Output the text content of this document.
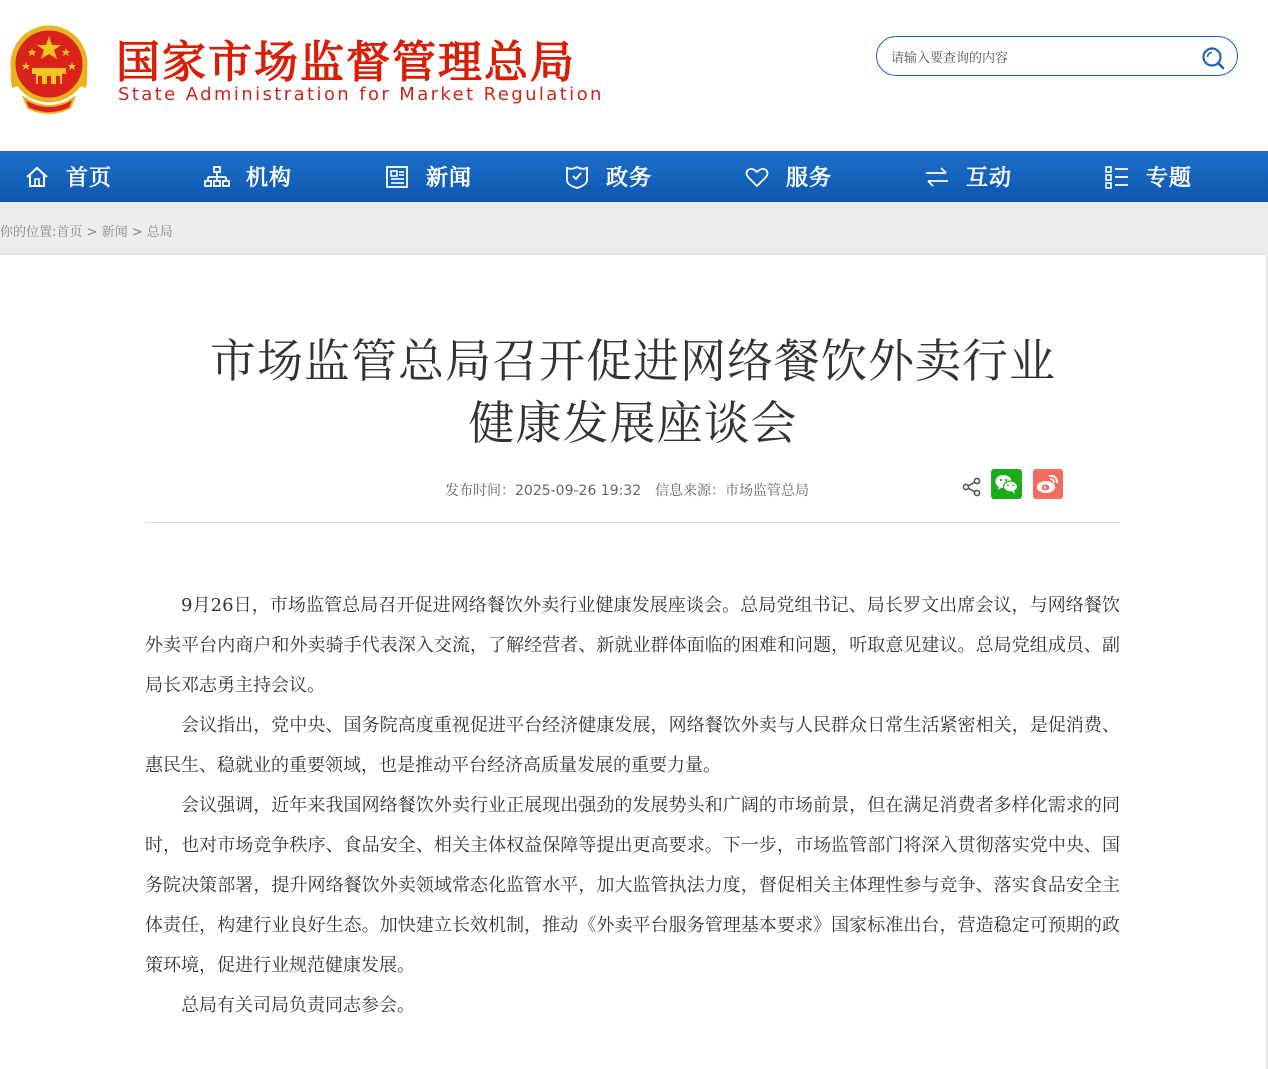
国家市场监督管理总局
State Administration for Market Regulation
请输入要查询的内容
首页	机构	新闻	政务	服务	互动	专题
你的位置:首页 > 新闻 > 总局
市场监管总局召开促进网络餐饮外卖行业
健康发展座谈会
发布时间：2025-09-26 19:32 信息来源：市场监管总局

9月26日，市场监管总局召开促进网络餐饮外卖行业健康发展座谈会。总局党组书记、局长罗文出席会议，与网络餐饮外卖平台内商户和外卖骑手代表深入交流，了解经营者、新就业群体面临的困难和问题，听取意见建议。总局党组成员、副局长邓志勇主持会议。

会议指出，党中央、国务院高度重视促进平台经济健康发展，网络餐饮外卖与人民群众日常生活紧密相关，是促消费、惠民生、稳就业的重要领域，也是推动平台经济高质量发展的重要力量。

会议强调，近年来我国网络餐饮外卖行业正展现出强劲的发展势头和广阔的市场前景，但在满足消费者多样化需求的同时，也对市场竞争秩序、食品安全、相关主体权益保障等提出更高要求。下一步，市场监管部门将深入贯彻落实党中央、国务院决策部署，提升网络餐饮外卖领域常态化监管水平，加大监管执法力度，督促相关主体理性参与竞争、落实食品安全主体责任，构建行业良好生态。加快建立长效机制，推动《外卖平台服务管理基本要求》国家标准出台，营造稳定可预期的政策环境，促进行业规范健康发展。

总局有关司局负责同志参会。
